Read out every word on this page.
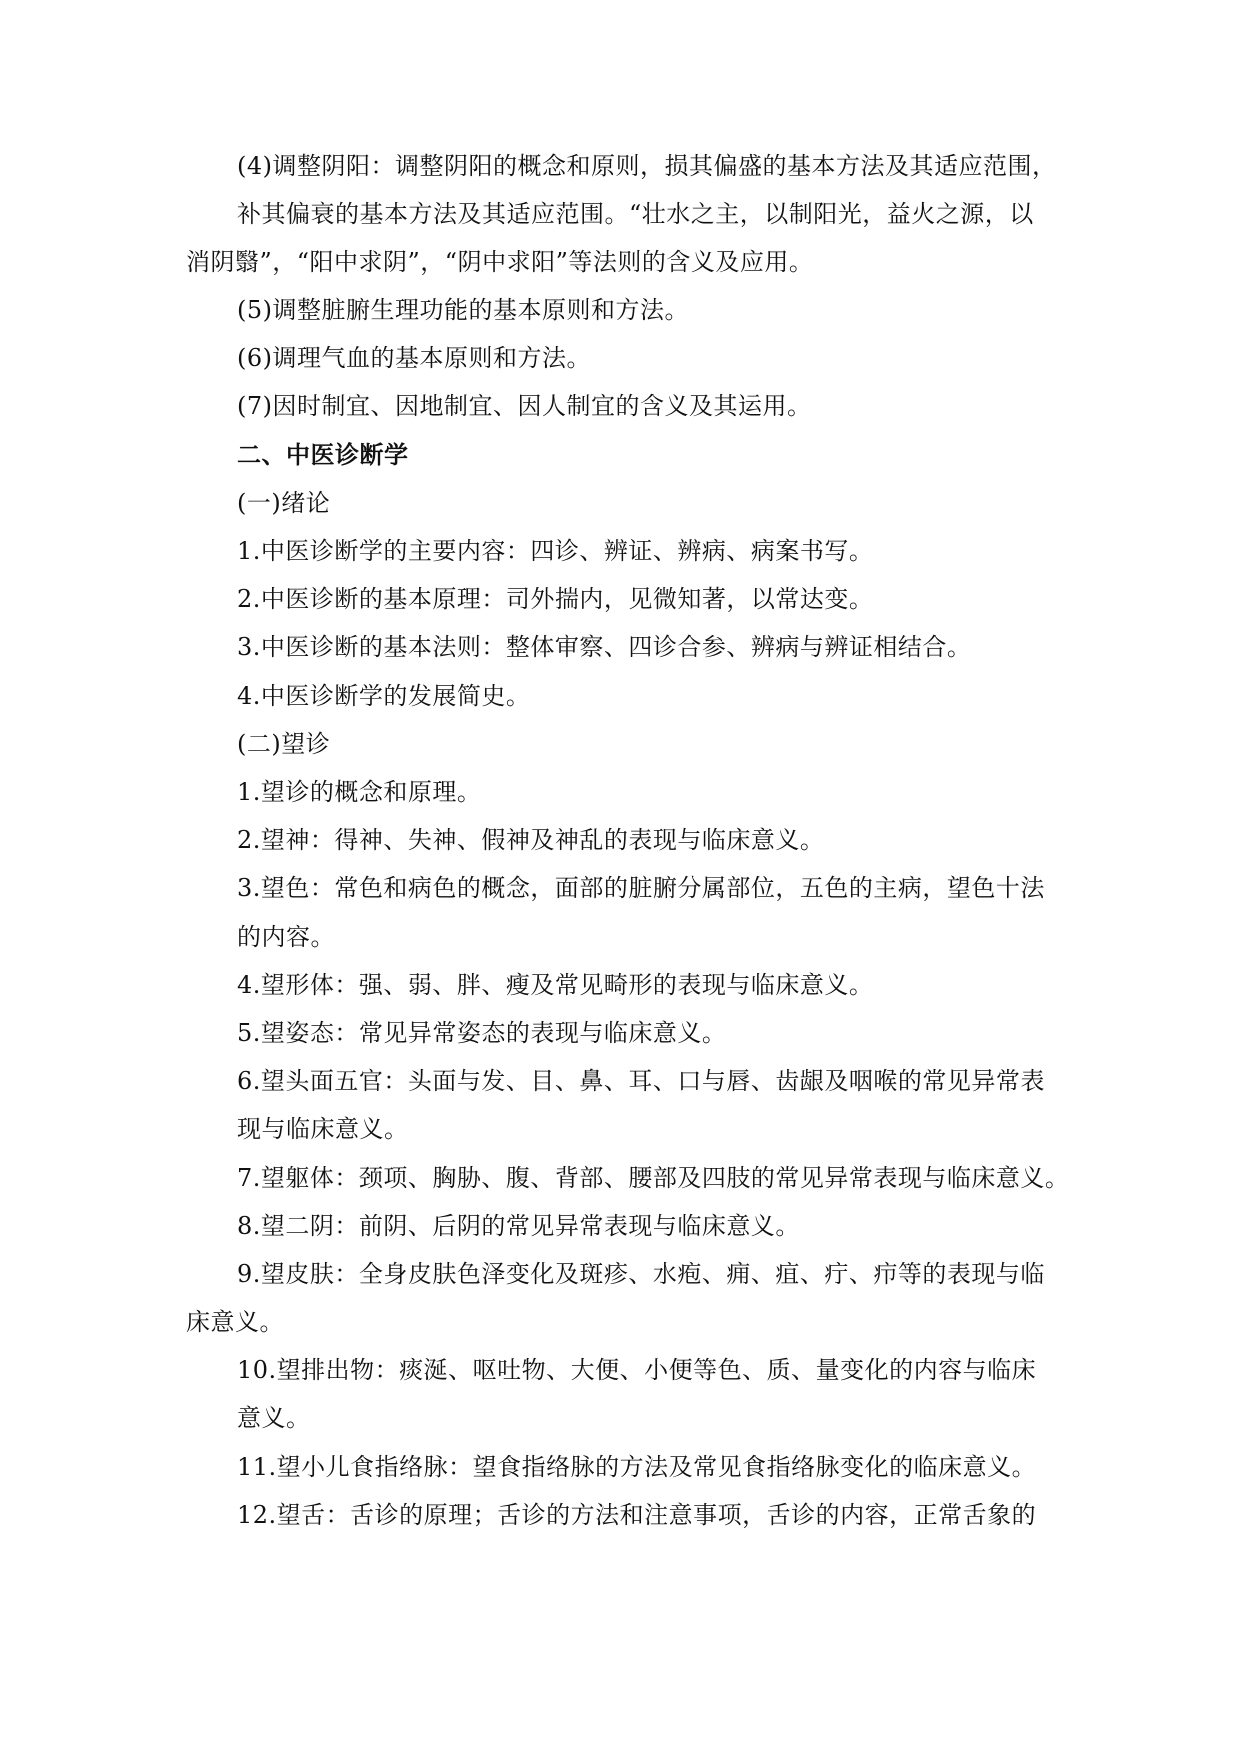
(4)调整阴阳：调整阴阳的概念和原则，损其偏盛的基本方法及其适应范围，
补其偏衰的基本方法及其适应范围。“壮水之主，以制阳光，益火之源，以
消阴翳”，“阳中求阴”，“阴中求阳”等法则的含义及应用。
(5)调整脏腑生理功能的基本原则和方法。
(6)调理气血的基本原则和方法。
(7)因时制宜、因地制宜、因人制宜的含义及其运用。
二、中医诊断学
(一)绪论
1.中医诊断学的主要内容：四诊、辨证、辨病、病案书写。
2.中医诊断的基本原理：司外揣内，见微知著，以常达变。
3.中医诊断的基本法则：整体审察、四诊合参、辨病与辨证相结合。
4.中医诊断学的发展简史。
(二)望诊
1.望诊的概念和原理。
2.望神：得神、失神、假神及神乱的表现与临床意义。
3.望色：常色和病色的概念，面部的脏腑分属部位，五色的主病，望色十法
的内容。
4.望形体：强、弱、胖、瘦及常见畸形的表现与临床意义。
5.望姿态：常见异常姿态的表现与临床意义。
6.望头面五官：头面与发、目、鼻、耳、口与唇、齿龈及咽喉的常见异常表
现与临床意义。
7.望躯体：颈项、胸胁、腹、背部、腰部及四肢的常见异常表现与临床意义。
8.望二阴：前阴、后阴的常见异常表现与临床意义。
9.望皮肤：全身皮肤色泽变化及斑疹、水疱、痈、疽、疔、疖等的表现与临
床意义。
10.望排出物：痰涎、呕吐物、大便、小便等色、质、量变化的内容与临床
意义。
11.望小儿食指络脉：望食指络脉的方法及常见食指络脉变化的临床意义。
12.望舌：舌诊的原理；舌诊的方法和注意事项，舌诊的内容，正常舌象的
